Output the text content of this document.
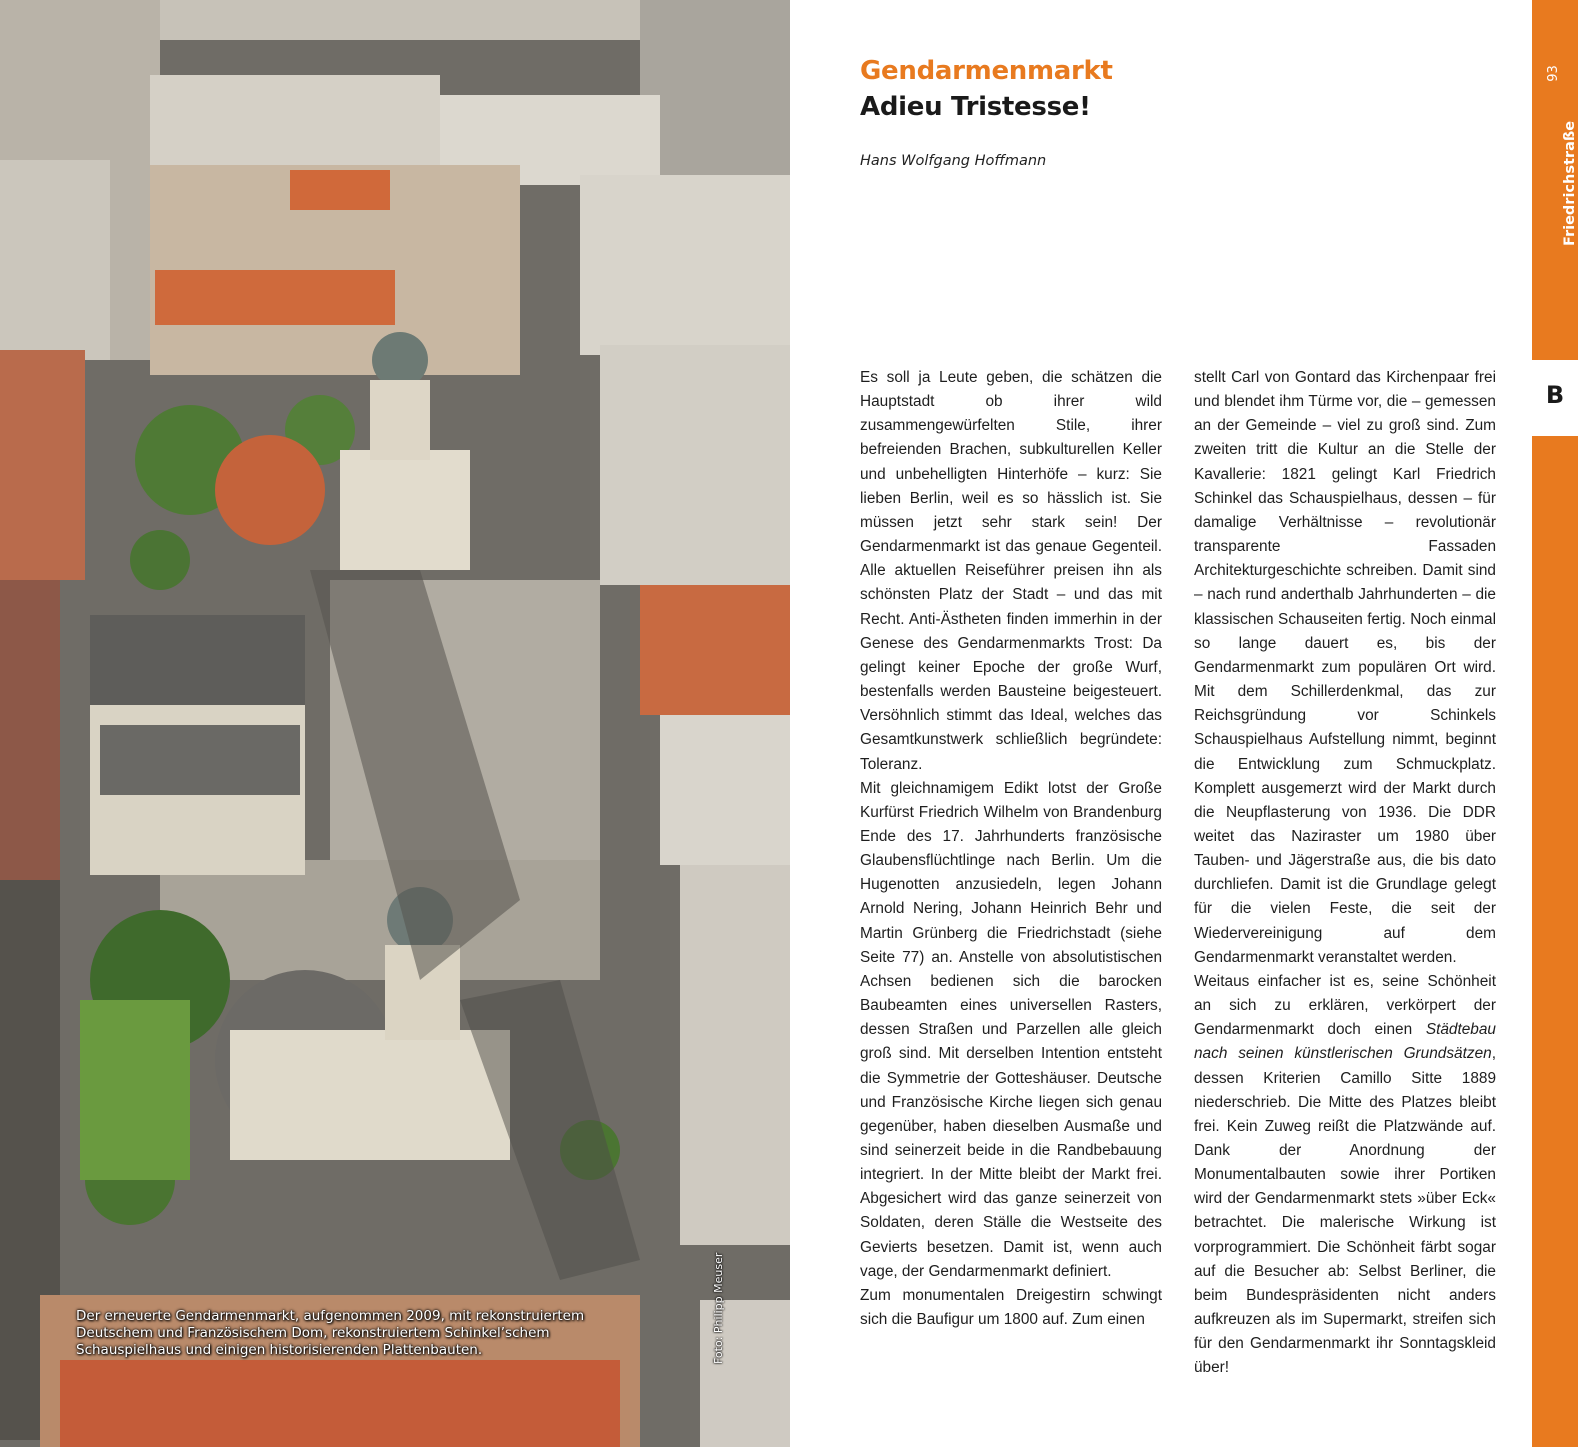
Der erneuerte Gendarmenmarkt, aufgenommen 2009, mit rekonstruiertem Deutschem und Französischem Dom, rekonstruiertem Schinkel’schem Schauspielhaus und einigen historisierenden Plattenbauten.	Foto: Philipp Meuser
Gendarmenmarkt
Adieu Tristesse!
Hans Wolfgang Hoffmann

Es soll ja Leute geben, die schätzen die Hauptstadt ob ihrer wild zusammengewürfelten Stile, ihrer befreienden Brachen, subkulturellen Keller und unbehelligten Hinterhöfe – kurz: Sie lieben Berlin, weil es so hässlich ist. Sie müssen jetzt sehr stark sein! Der Gendarmenmarkt ist das genaue Gegenteil. Alle aktuellen Reiseführer preisen ihn als schönsten Platz der Stadt – und das mit Recht. Anti-Ästheten finden immerhin in der Genese des Gendarmenmarkts Trost: Da gelingt keiner Epoche der große Wurf, bestenfalls werden Bausteine beigesteuert. Versöhnlich stimmt das Ideal, welches das Gesamtkunstwerk schließlich begründete: Toleranz.

Mit gleichnamigem Edikt lotst der Große Kurfürst Friedrich Wilhelm von Brandenburg Ende des 17. Jahrhunderts französische Glaubensflüchtlinge nach Berlin. Um die Hugenotten anzusiedeln, legen Johann Arnold Nering, Johann Heinrich Behr und Martin Grünberg die Friedrichstadt (siehe Seite 77) an. Anstelle von absolutistischen Achsen bedienen sich die barocken Baubeamten eines universellen Rasters, dessen Straßen und Parzellen alle gleich groß sind. Mit derselben Intention entsteht die Symmetrie der Gotteshäuser. Deutsche und Französische Kirche liegen sich genau gegenüber, haben dieselben Ausmaße und sind seinerzeit beide in die Randbebauung integriert. In der Mitte bleibt der Markt frei. Abgesichert wird das ganze seinerzeit von Soldaten, deren Ställe die Westseite des Gevierts besetzen. Damit ist, wenn auch vage, der Gendarmenmarkt definiert.

Zum monumentalen Dreigestirn schwingt sich die Baufigur um 1800 auf. Zum einen

stellt Carl von Gontard das Kirchenpaar frei und blendet ihm Türme vor, die – gemessen an der Gemeinde – viel zu groß sind. Zum zweiten tritt die Kultur an die Stelle der Kavallerie: 1821 gelingt Karl Friedrich Schinkel das Schauspielhaus, dessen – für damalige Verhältnisse – revolutionär transparente Fassaden Architekturgeschichte schreiben. Damit sind – nach rund anderthalb Jahrhunderten – die klassischen Schauseiten fertig. Noch einmal so lange dauert es, bis der Gendarmenmarkt zum populären Ort wird. Mit dem Schillerdenkmal, das zur Reichsgründung vor Schinkels Schauspielhaus Aufstellung nimmt, beginnt die Entwicklung zum Schmuckplatz. Komplett ausgemerzt wird der Markt durch die Neupflasterung von 1936. Die DDR weitet das Naziraster um 1980 über Tauben- und Jägerstraße aus, die bis dato durchliefen. Damit ist die Grundlage gelegt für die vielen Feste, die seit der Wiedervereinigung auf dem Gendarmenmarkt veranstaltet werden.

Weitaus einfacher ist es, seine Schönheit an sich zu erklären, verkörpert der Gendarmenmarkt doch einen Städtebau nach seinen künstlerischen Grundsätzen, dessen Kriterien Camillo Sitte 1889 niederschrieb. Die Mitte des Platzes bleibt frei. Kein Zuweg reißt die Platzwände auf. Dank der Anordnung der Monumentalbauten sowie ihrer Portiken wird der Gendarmenmarkt stets »über Eck« betrachtet. Die malerische Wirkung ist vorprogrammiert. Die Schönheit färbt sogar auf die Besucher ab: Selbst Berliner, die beim Bundespräsidenten nicht anders aufkreuzen als im Supermarkt, streifen sich für den Gendarmenmarkt ihr Sonntagskleid über!

93
Friedrichstraße
B
